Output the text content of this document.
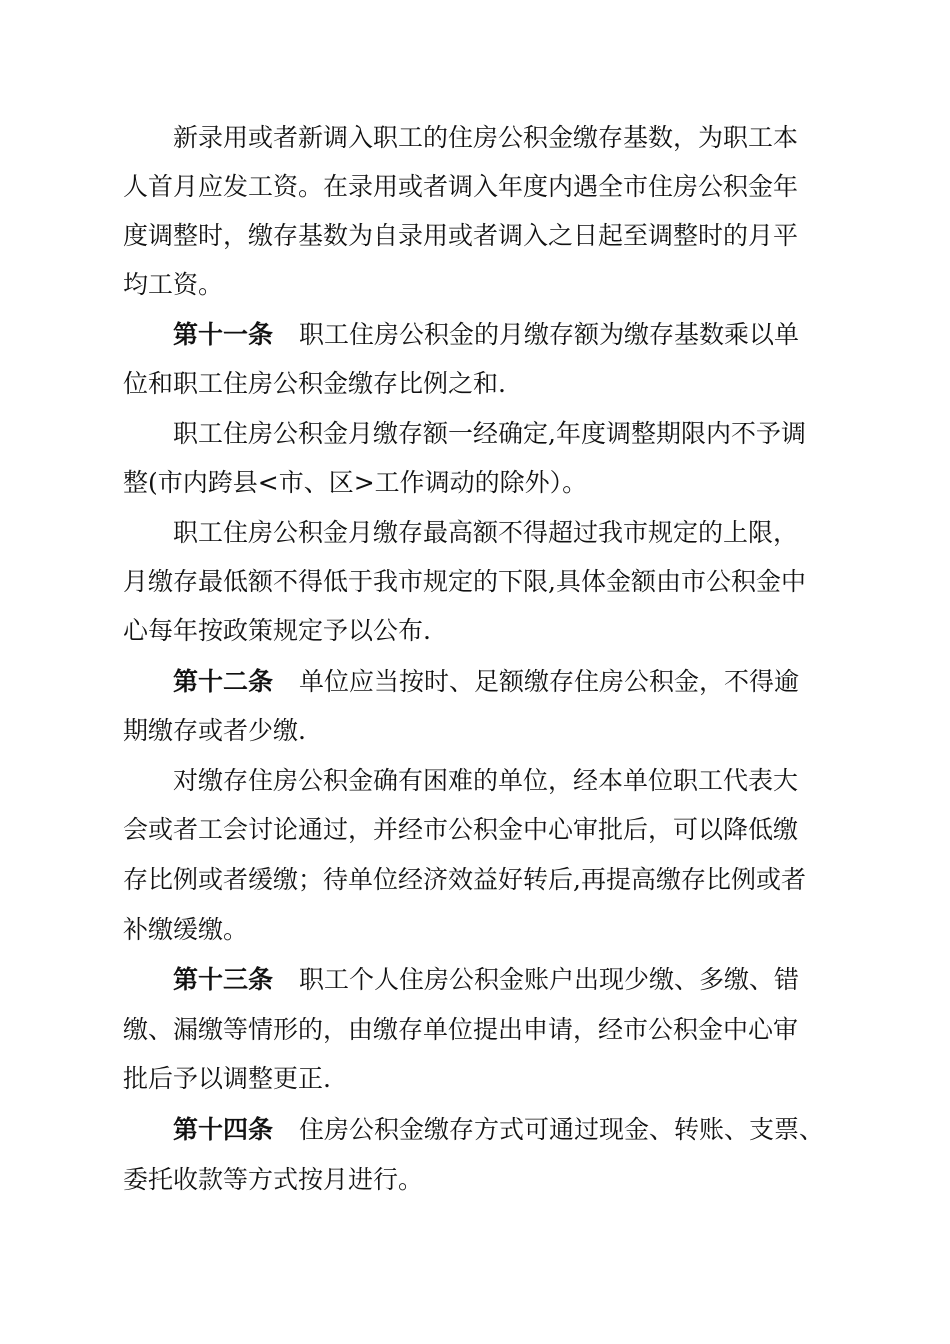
新录用或者新调入职工的住房公积金缴存基数，为职工本
人首月应发工资。在录用或者调入年度内遇全市住房公积金年
度调整时，缴存基数为自录用或者调入之日起至调整时的月平
均工资。
第十一条 职工住房公积金的月缴存额为缴存基数乘以单
位和职工住房公积金缴存比例之和.
职工住房公积金月缴存额一经确定,年度调整期限内不予调
整(市内跨县<市、区>工作调动的除外）。
职工住房公积金月缴存最高额不得超过我市规定的上限，
月缴存最低额不得低于我市规定的下限,具体金额由市公积金中
心每年按政策规定予以公布.
第十二条 单位应当按时、足额缴存住房公积金，不得逾
期缴存或者少缴.
对缴存住房公积金确有困难的单位，经本单位职工代表大
会或者工会讨论通过，并经市公积金中心审批后，可以降低缴
存比例或者缓缴；待单位经济效益好转后,再提高缴存比例或者
补缴缓缴。
第十三条 职工个人住房公积金账户出现少缴、多缴、错
缴、漏缴等情形的，由缴存单位提出申请，经市公积金中心审
批后予以调整更正.
第十四条 住房公积金缴存方式可通过现金、转账、支票、
委托收款等方式按月进行。
